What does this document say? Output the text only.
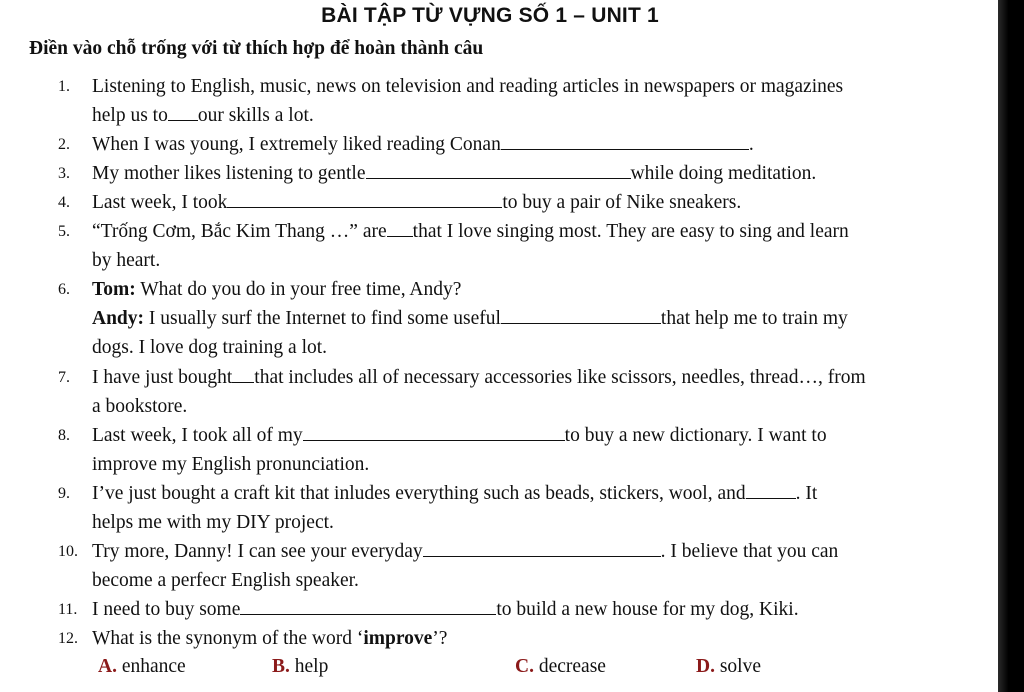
BÀI TẬP TỪ VỰNG SỐ 1 – UNIT 1
Điền vào chỗ trống với từ thích hợp để hoàn thành câu
1.	Listening to English, music, news on television and reading articles in newspapers or magazines
help us to our skills a lot.
2.	When I was young, I extremely liked reading Conan	.
3.	My mother likes listening to gentle	while doing meditation.
4.	Last week, I took	to buy a pair of Nike sneakers.
5.	“Trống Cơm, Bắc Kim Thang …” are that I love singing most. They are easy to sing and learn
by heart.
6.	Tom: What do you do in your free time, Andy?
Andy: I usually surf the Internet to find some useful	that help me to train my
dogs. I love dog training a lot.
7.	I have just bought that includes all of necessary accessories like scissors, needles, thread…, from
a bookstore.
8.	Last week, I took all of my	to buy a new dictionary. I want to
improve my English pronunciation.
9.	I’ve just bought a craft kit that inludes everything such as beads, stickers, wool, and	. It
helps me with my DIY project.
10. Try more, Danny! I can see your everyday	. I believe that you can
become a perfecr English speaker.
11. I need to buy some	to build a new house for my dog, Kiki.
12. What is the synonym of the word ‘improve’?
A. enhance	B. help	C. decrease	D. solve
